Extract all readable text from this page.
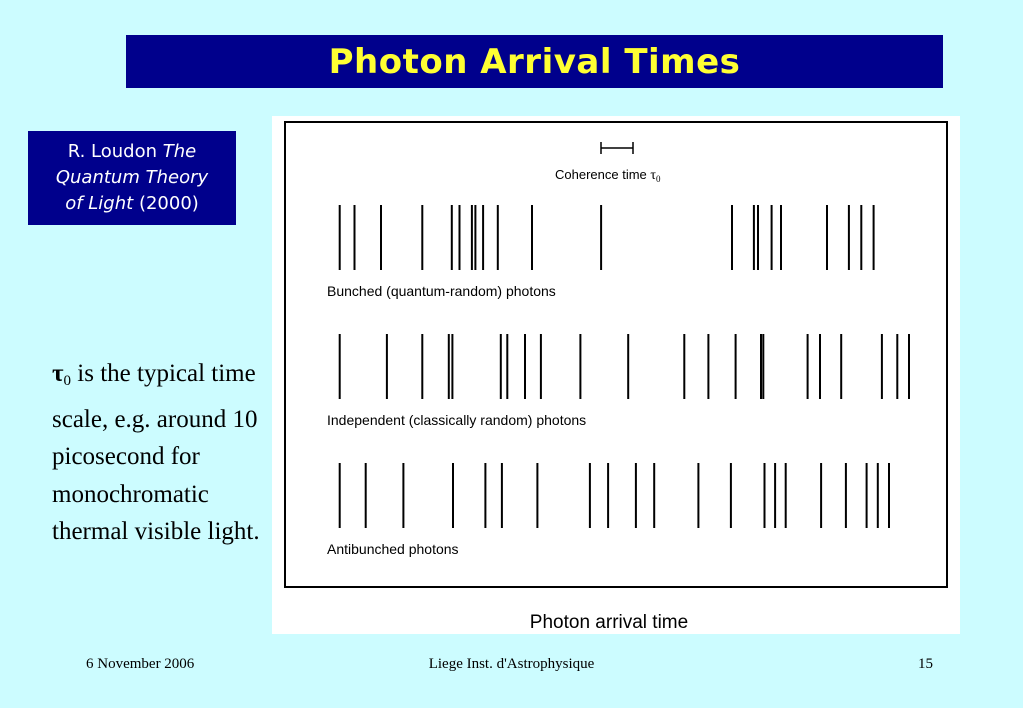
Photon Arrival Times
R. Loudon The
Quantum Theory
of Light (2000)
$\tau_0$ is the typical time scale, e.g. around 10 picosecond for monochromatic thermal visible light.
Coherence time $\tau_0$
Bunched (quantum-random) photons
Independent (classically random) photons
Antibunched photons
Photon arrival time
6 November 2006	Liege Inst. d'Astrophysique	15
